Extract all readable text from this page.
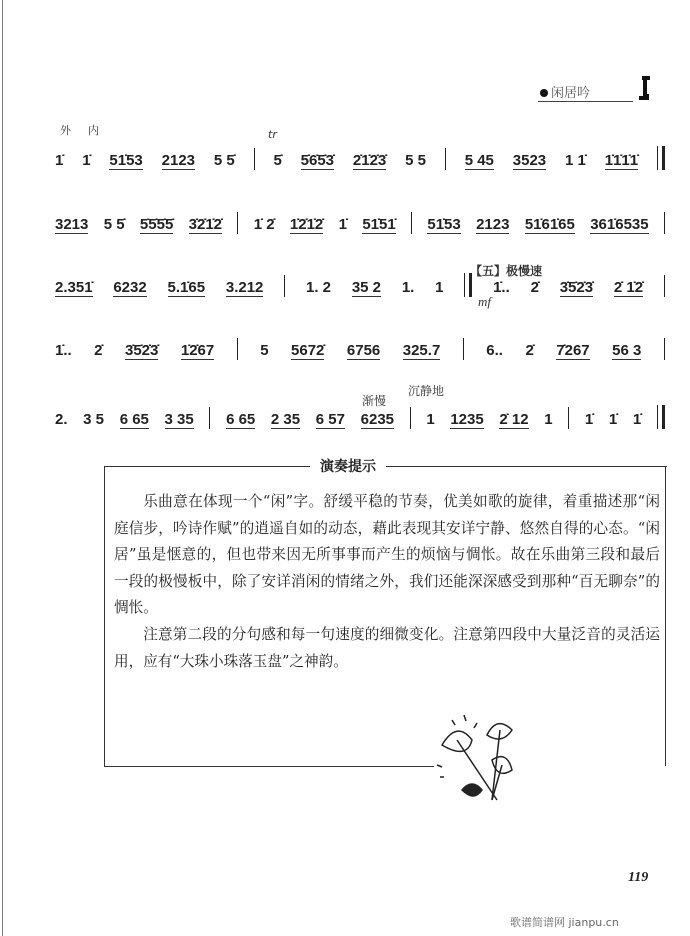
闲居吟
1̇ 1̇ 51̇53 2123 5 5̇	5̇ 5̇6̇5̇3̇ 2̇1̇2̇3̇ 5 5	5 45 3523 1 1̇ 1̇1̇1̇1̇
3213 5 5̇ 5̇5̇5̇5̇ 3̇2̇1̇2̇ 1̇ 2̇ 1̇2̇1̇2̇ 1̇ 51̇51̇ 51̇53 2123 51̇61̇65 361̇6535
2.351̇ 6232 5.1̇65 3.212	1. 2 35 2 1. 1	1̇.. 2̇ 3̇5̇2̇3̇ 2̇ 1̇2̇
1̇.. 2̇ 3̇5̇2̇3̇ 1̇2̇67	5 5672̇ 6756 325.7	6.. 2̇ 7̇267 56 3
2. 3 5 6 65 3 35 6 65 2 35 6 57 6235 1 1235 2̇ 12 1 1̇ 1̇ 1̇
外 内	tr
【五】极慢速
mf
渐慢
沉静地
演奏提示

乐曲意在体现一个“闲”字。舒缓平稳的节奏，优美如歌的旋律，着重描述那“闲庭信步，吟诗作赋”的逍遥自如的动态，藉此表现其安详宁静、悠然自得的心态。“闲居”虽是惬意的，但也带来因无所事事而产生的烦恼与惆怅。故在乐曲第三段和最后一段的极慢板中，除了安详消闲的情绪之外，我们还能深深感受到那种“百无聊奈”的惆怅。

注意第二段的分句感和每一句速度的细微变化。注意第四段中大量泛音的灵活运用，应有“大珠小珠落玉盘”之神韵。

119
歌谱简谱网 jianpu.cn
